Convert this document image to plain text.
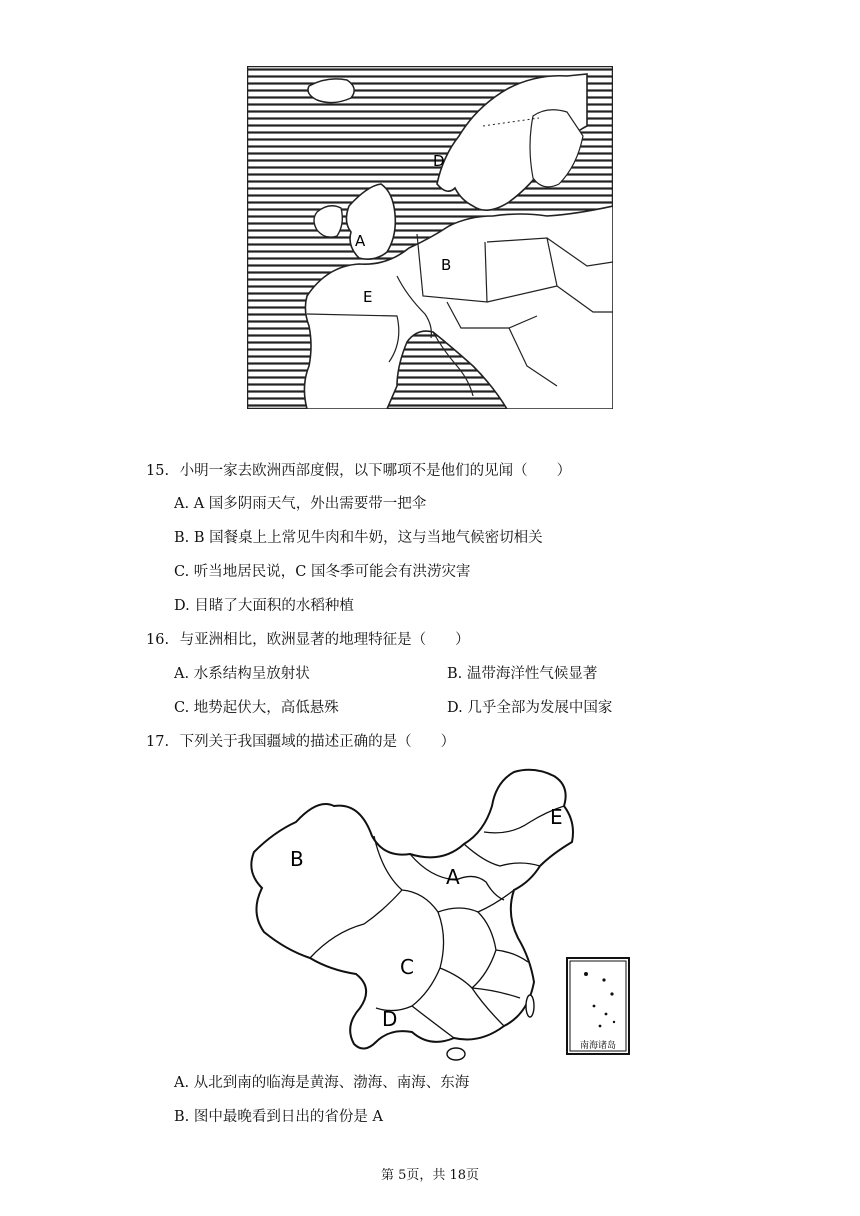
D
A
B
E
15. 小明一家去欧洲西部度假，以下哪项不是他们的见闻（　　）
A. A 国多阴雨天气，外出需要带一把伞
B. B 国餐桌上上常见牛肉和牛奶，这与当地气候密切相关
C. 听当地居民说，C 国冬季可能会有洪涝灾害
D. 目睹了大面积的水稻种植
16. 与亚洲相比，欧洲显著的地理特征是（　　）
A. 水系结构呈放射状	B. 温带海洋性气候显著
C. 地势起伏大，高低悬殊	D. 几乎全部为发展中国家
17. 下列关于我国疆域的描述正确的是（　　）
B
A
E
C
D
南海诸岛
A. 从北到南的临海是黄海、渤海、南海、东海
B. 图中最晚看到日出的省份是 A
第 5页，共 18页
